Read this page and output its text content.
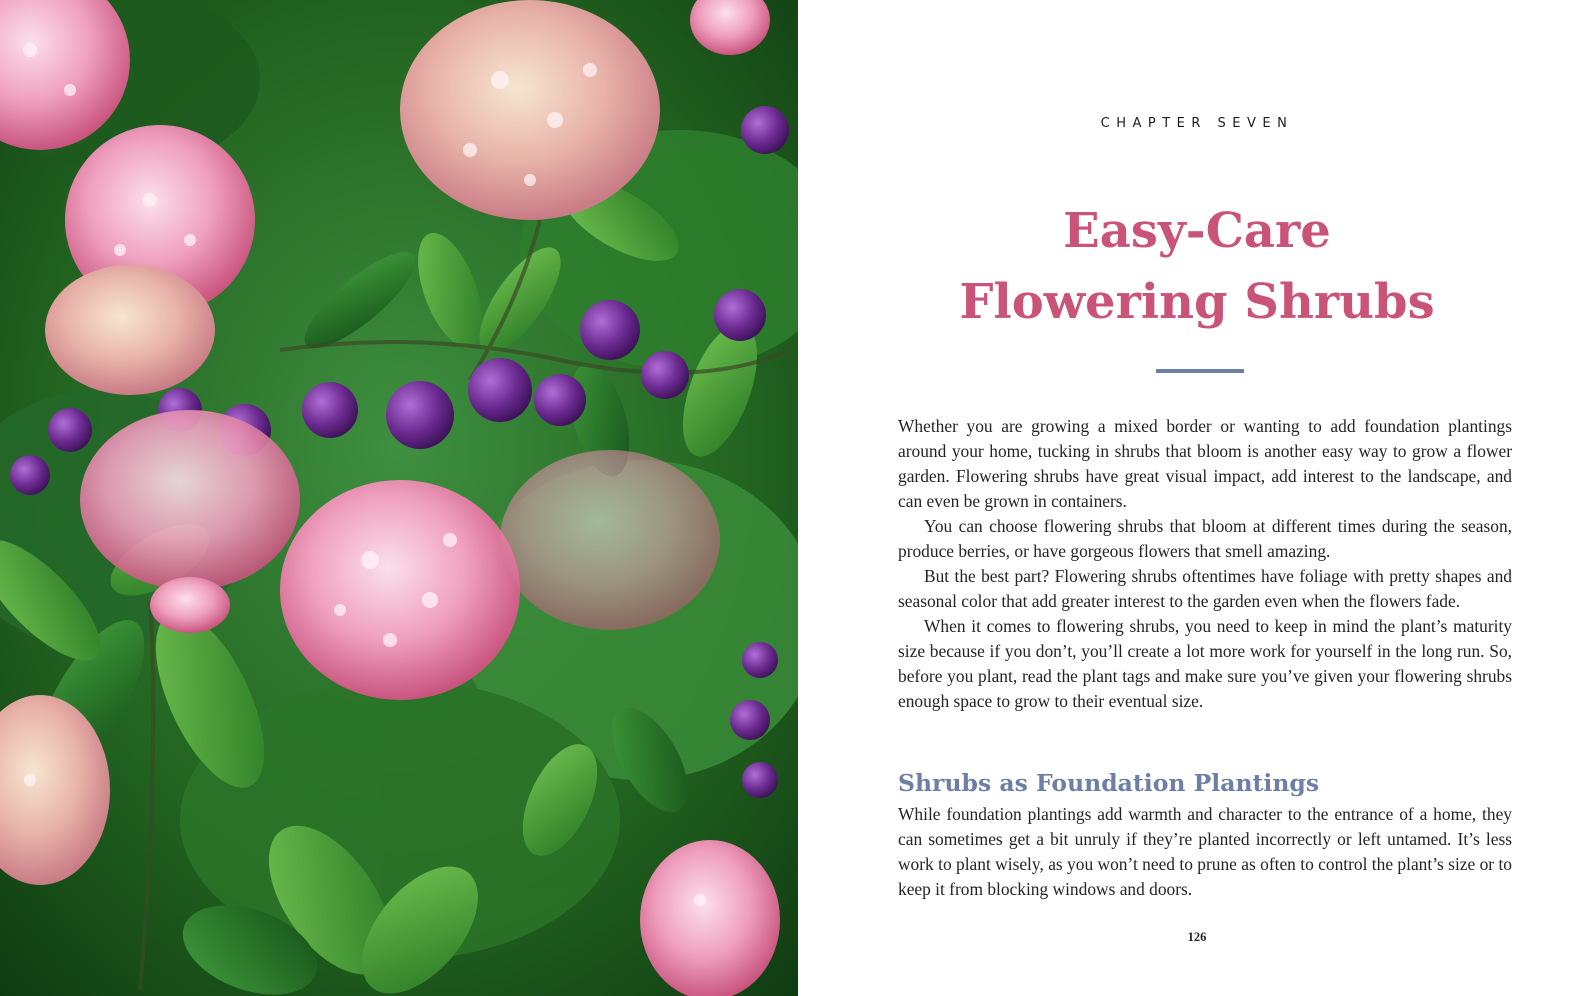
CHAPTER SEVEN

Easy-Care
Flowering Shrubs

Whether you are growing a mixed border or wanting to add foundation plantings around your home, tucking in shrubs that bloom is another easy way to grow a flower garden. Flowering shrubs have great visual impact, add interest to the landscape, and can even be grown in containers.

You can choose flowering shrubs that bloom at different times during the season, produce berries, or have gorgeous flowers that smell amazing.

But the best part? Flowering shrubs oftentimes have foliage with pretty shapes and seasonal color that add greater interest to the garden even when the flowers fade.

When it comes to flowering shrubs, you need to keep in mind the plant’s maturity size because if you don’t, you’ll create a lot more work for yourself in the long run. So, before you plant, read the plant tags and make sure you’ve given your flowering shrubs enough space to grow to their eventual size.

Shrubs as Foundation Plantings

While foundation plantings add warmth and character to the entrance of a home, they can sometimes get a bit unruly if they’re planted incorrectly or left untamed. It’s less work to plant wisely, as you won’t need to prune as often to control the plant’s size or to keep it from blocking windows and doors.

126
